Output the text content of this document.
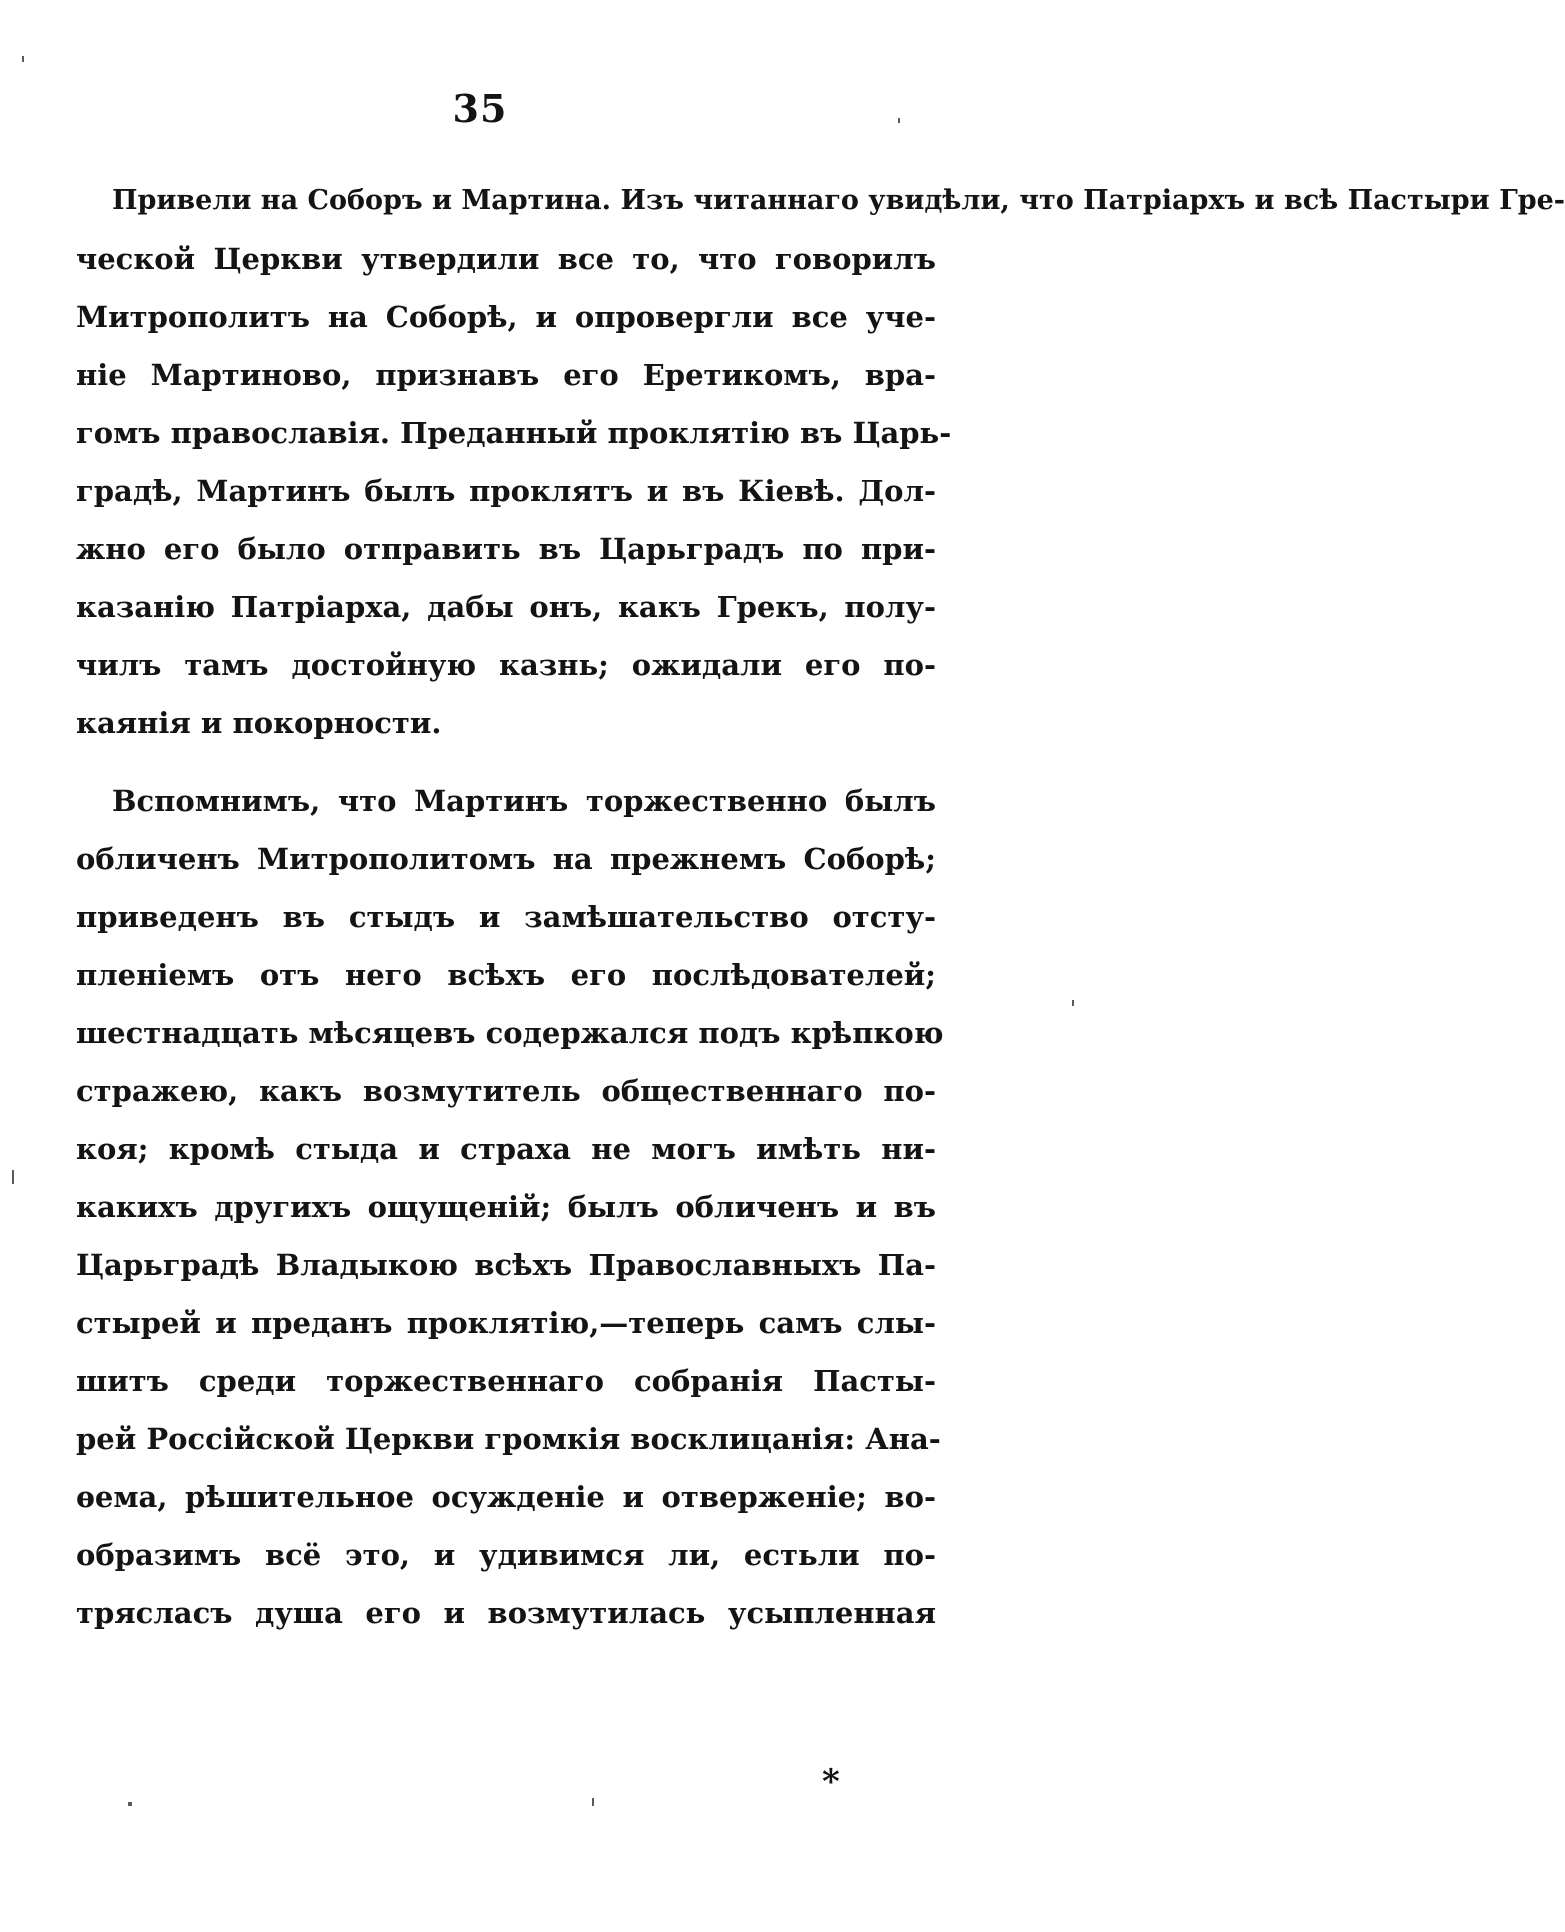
35
Привели на Соборъ и Мартина. Изъ читаннаго увидѣли, что Патріархъ и всѣ Пастыри Гре-
ческой Церкви утвердили все то, что говорилъ
Митрополитъ на Соборѣ, и опровергли все уче-
ніе Мартиново, признавъ его Еретикомъ, вра-
гомъ православія. Преданный проклятію въ Царь-
градѣ, Мартинъ былъ проклятъ и въ Кіевѣ. Дол-
жно его было отправить въ Царьградъ по при-
казанію Патріарха, дабы онъ, какъ Грекъ, полу-
чилъ тамъ достойную казнь; ожидали его по-
каянія и покорности.
Вспомнимъ, что Мартинъ торжественно былъ
обличенъ Митрополитомъ на прежнемъ Соборѣ;
приведенъ въ стыдъ и замѣшательство отсту-
пленіемъ отъ него всѣхъ его послѣдователей;
шестнадцать мѣсяцевъ содержался подъ крѣпкою
стражею, какъ возмутитель общественнаго по-
коя; кромѣ стыда и страха не могъ имѣть ни-
какихъ другихъ ощущеній; былъ обличенъ и въ
Царьградѣ Владыкою всѣхъ Православныхъ Па-
стырей и преданъ проклятію,—теперь самъ слы-
шитъ среди торжественнаго собранія Пасты-
рей Россійской Церкви громкія восклицанія: Ана-
ѳема, рѣшительное осужденіе и отверженіе; во-
образимъ всё это, и удивимся ли, естьли по-
трясласъ душа его и возмутилась усыпленная
*
